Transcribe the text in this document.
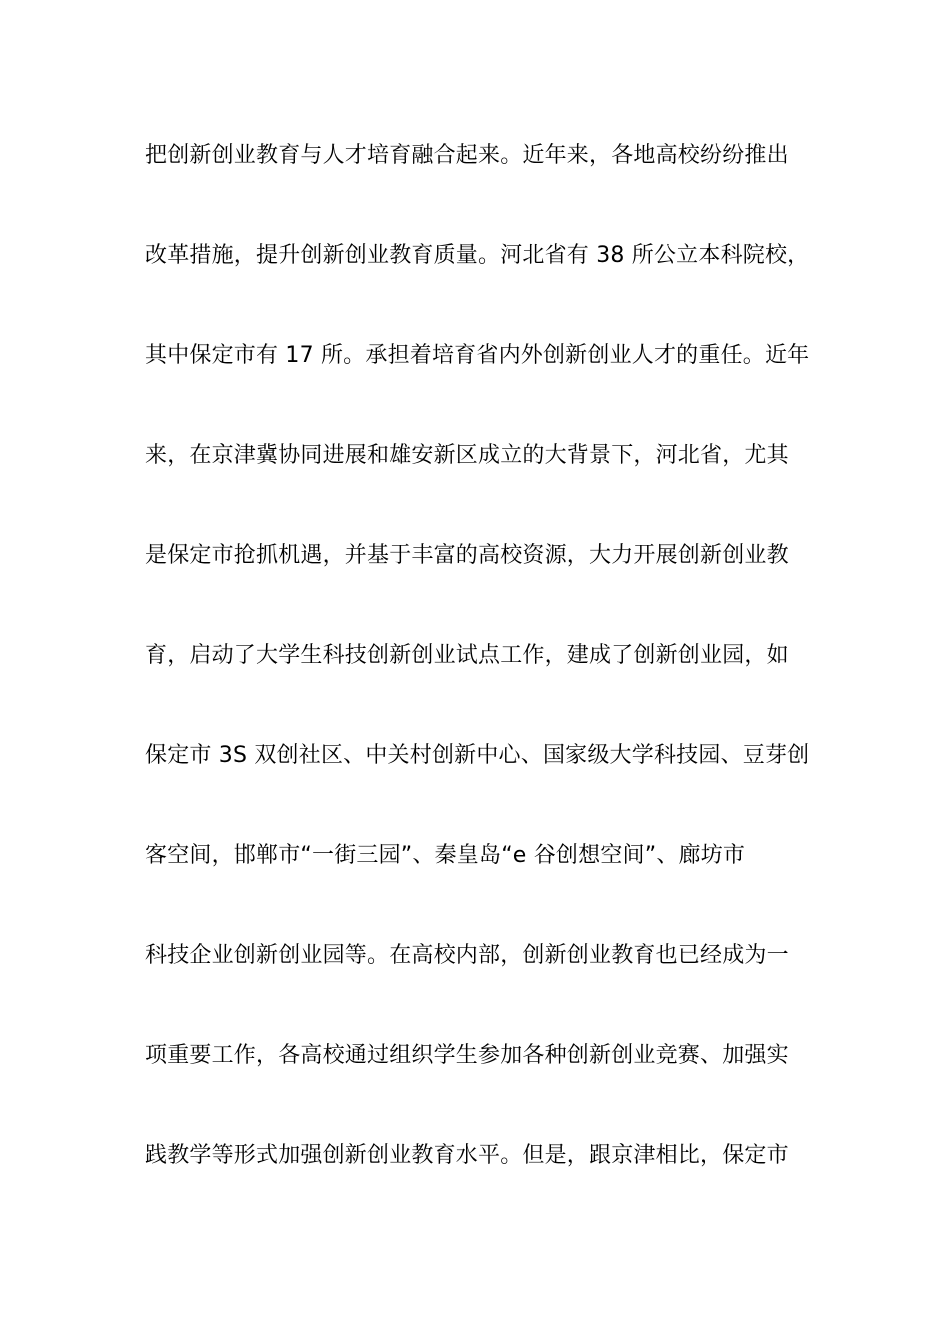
把创新创业教育与人才培育融合起来。近年来，各地高校纷纷推出

改革措施，提升创新创业教育质量。河北省有 38 所公立本科院校，

其中保定市有 17 所。承担着培育省内外创新创业人才的重任。近年

来，在京津冀协同进展和雄安新区成立的大背景下，河北省，尤其

是保定市抢抓机遇，并基于丰富的高校资源，大力开展创新创业教

育，启动了大学生科技创新创业试点工作，建成了创新创业园，如

保定市 3S 双创社区、中关村创新中心、国家级大学科技园、豆芽创

客空间，邯郸市“一街三园”、秦皇岛“e 谷创想空间”、廊坊市

科技企业创新创业园等。在高校内部，创新创业教育也已经成为一

项重要工作，各高校通过组织学生参加各种创新创业竞赛、加强实

践教学等形式加强创新创业教育水平。但是，跟京津相比，保定市
